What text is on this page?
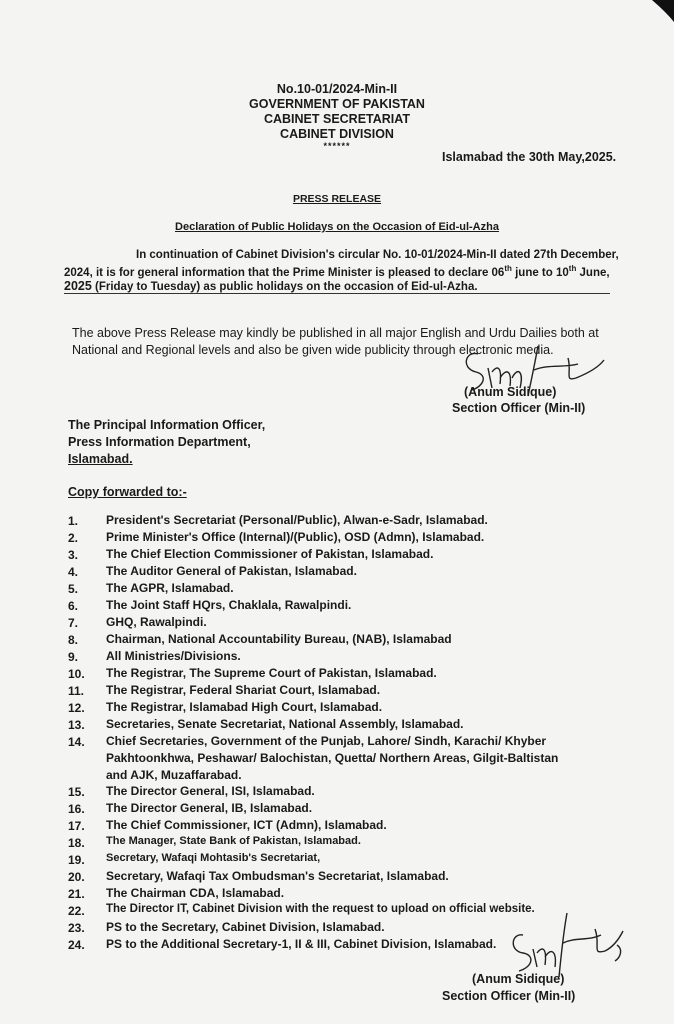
No.10-01/2024-Min-II
GOVERNMENT OF PAKISTAN
CABINET SECRETARIAT
CABINET DIVISION
******
Islamabad the 30th May,2025.
PRESS RELEASE
Declaration of Public Holidays on the Occasion of Eid-ul-Azha
In continuation of Cabinet Division's circular No. 10-01/2024-Min-II dated 27th December,
2024, it is for general information that the Prime Minister is pleased to declare 06th june to 10th June,
2025 (Friday to Tuesday) as public holidays on the occasion of Eid-ul-Azha.
The above Press Release may kindly be published in all major English and Urdu Dailies both at
National and Regional levels and also be given wide publicity through electronic media.
(Anum Sidique)
Section Officer (Min-II)
The Principal Information Officer,
Press Information Department,
Islamabad.
Copy forwarded to:-
1. President's Secretariat (Personal/Public), Alwan-e-Sadr, Islamabad.
2. Prime Minister's Office (Internal)/(Public), OSD (Admn), Islamabad.
3. The Chief Election Commissioner of Pakistan, Islamabad.
4. The Auditor General of Pakistan, Islamabad.
5. The AGPR, Islamabad.
6. The Joint Staff HQrs, Chaklala, Rawalpindi.
7. GHQ, Rawalpindi.
8. Chairman, National Accountability Bureau, (NAB), Islamabad
9. All Ministries/Divisions.
10. The Registrar, The Supreme Court of Pakistan, Islamabad.
11. The Registrar, Federal Shariat Court, Islamabad.
12. The Registrar, Islamabad High Court, Islamabad.
13. Secretaries, Senate Secretariat, National Assembly, Islamabad.
14. Chief Secretaries, Government of the Punjab, Lahore/ Sindh, Karachi/ Khyber
Pakhtoonkhwa, Peshawar/ Balochistan, Quetta/ Northern Areas, Gilgit-Baltistan
and AJK, Muzaffarabad.
15. The Director General, ISI, Islamabad.
16. The Director General, IB, Islamabad.
17. The Chief Commissioner, ICT (Admn), Islamabad.
18. The Manager, State Bank of Pakistan, Islamabad.
19. Secretary, Wafaqi Mohtasib's Secretariat,
20. Secretary, Wafaqi Tax Ombudsman's Secretariat, Islamabad.
21. The Chairman CDA, Islamabad.
22. The Director IT, Cabinet Division with the request to upload on official website.
23. PS to the Secretary, Cabinet Division, Islamabad.
24. PS to the Additional Secretary-1, II & III, Cabinet Division, Islamabad.
(Anum Sidique)
Section Officer (Min-II)
